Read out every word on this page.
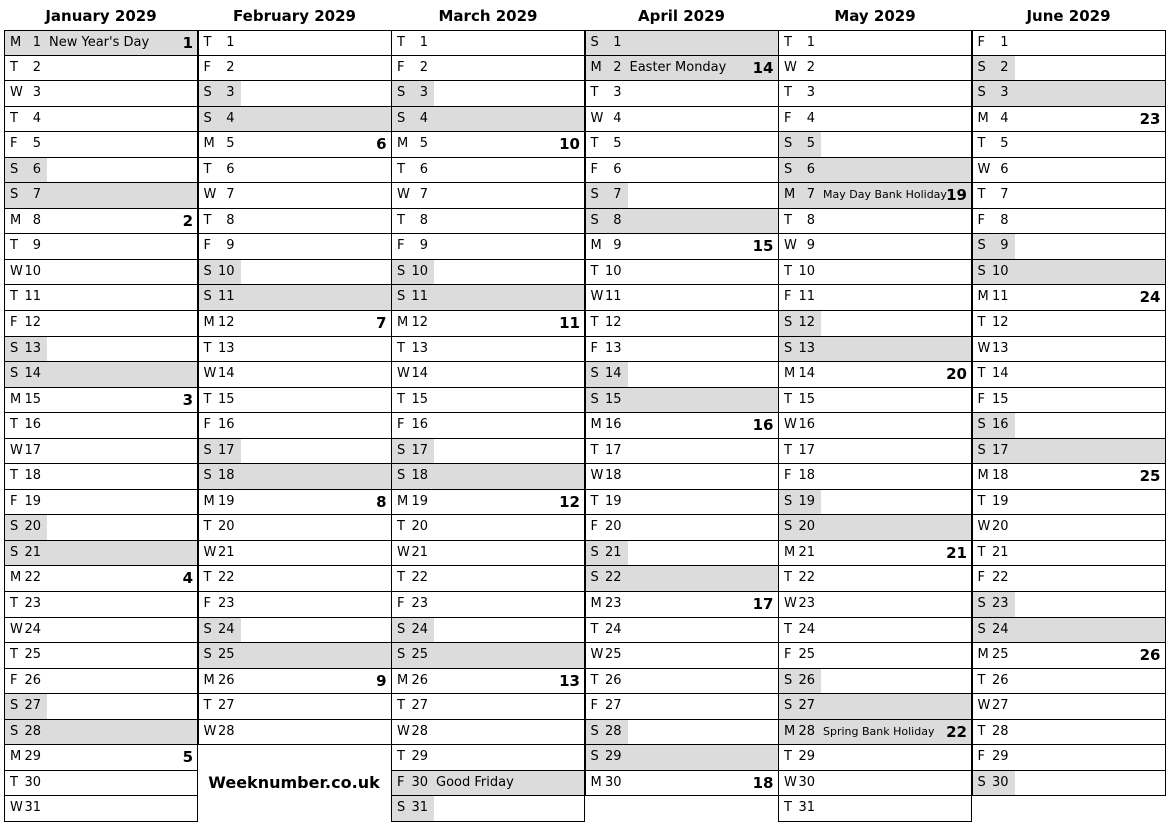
January 2029
M 1 New Year's Day 1
T	2
W 3
T	4
F	5
S	6
S	7
M 8	2
T	9
W 10
T 11
F 12
S 13
S 14
M 15	3
T 16
W 17
T 18
F 19
S 20
S 21
M 22	4
T 23
W 24
T 25
F 26
S 27
S 28
M 29	5
T 30
W 31
February 2029
T	1
F	2
S	3
S	4
M 5	6
T	6
W 7
T	8
F	9
S 10
S 11
M 12	7
T 13
W 14
T 15
F 16
S 17
S 18
M 19	8
T 20
W 21
T 22
F 23
S 24
S 25
M 26	9
T 27
W 28
March 2029
T	1
F	2
S	3
S	4
M 5	10
T	6
W 7
T	8
F	9
S 10
S 11
M 12	11
T 13
W 14
T 15
F 16
S 17
S 18
M 19	12
T 20
W 21
T 22
F 23
S 24
S 25
M 26	13
T 27
W 28
T 29
F 30 Good Friday
S 31
April 2029
S	1
M 2 Easter Monday 14
T	3
W 4
T	5
F	6
S	7
S	8
M 9	15
T 10
W 11
T 12
F 13
S 14
S 15
M 16	16
T 17
W 18
T 19
F 20
S 21
S 22
M 23	17
T 24
W 25
T 26
F 27
S 28
S 29
M 30	18
May 2029
T	1
W 2
T	3
F	4
S	5
S	6
M 7 May Day Bank Holiday 19
T	8
W 9
T 10
F 11
S 12
S 13
M 14	20
T 15
W 16
T 17
F 18
S 19
S 20
M 21	21
T 22
W 23
T 24
F 25
S 26
S 27
M 28 Spring Bank Holiday 22
T 29
W 30
T 31
June 2029
F	1
S	2
S	3
M 4	23
T	5
W 6
T	7
F	8
S	9
S 10
M 11	24
T 12
W 13
T 14
F 15
S 16
S 17
M 18	25
T 19
W 20
T 21
F 22
S 23
S 24
M 25	26
T 26
W 27
T 28
F 29
S 30
Weeknumber.co.uk
